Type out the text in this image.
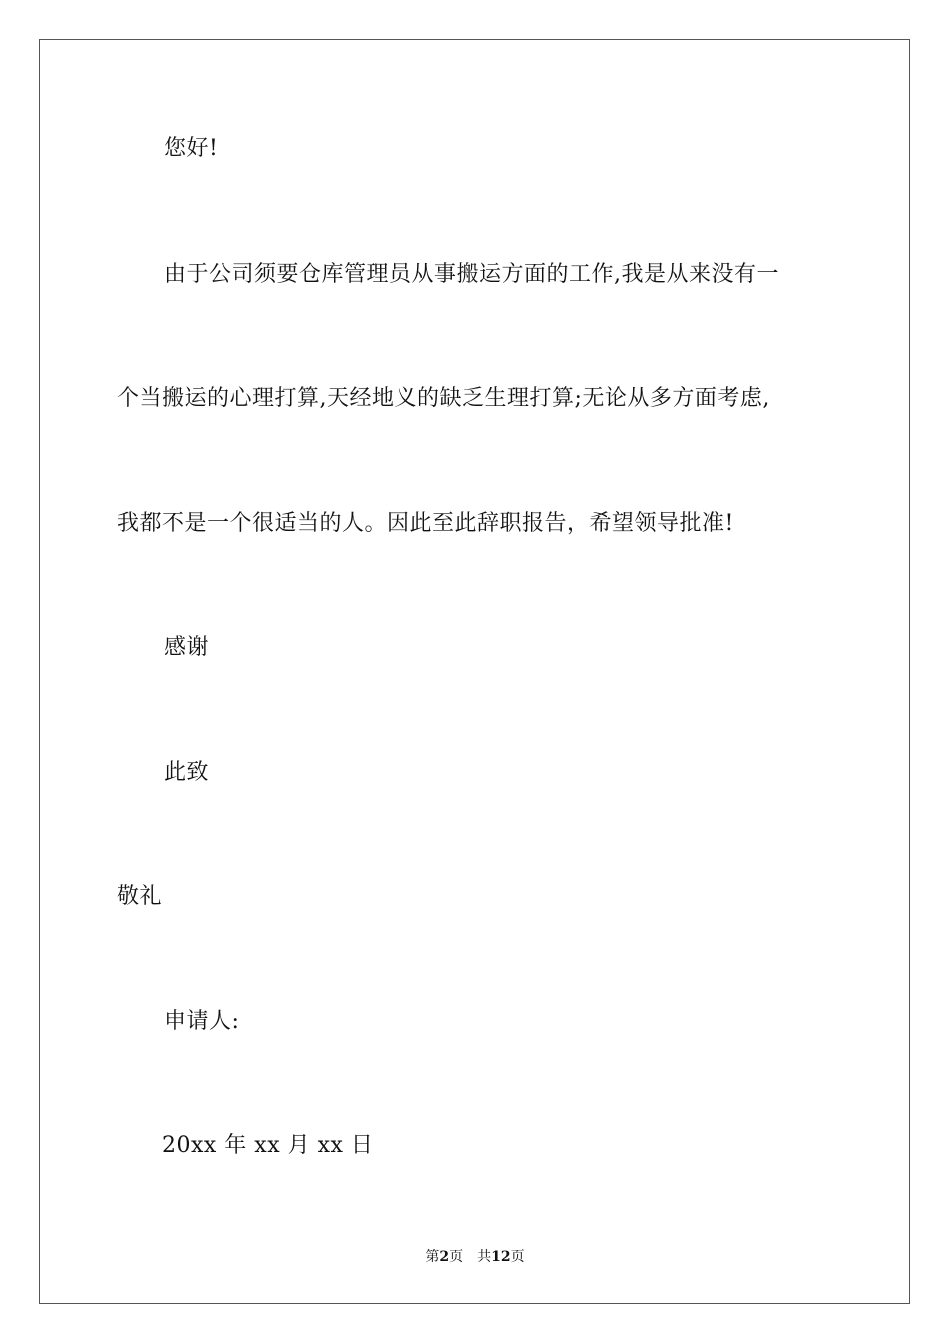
您好!
由于公司须要仓库管理员从事搬运方面的工作,我是从来没有一
个当搬运的心理打算,天经地义的缺乏生理打算;无论从多方面考虑,
我都不是一个很适当的人。因此至此辞职报告，希望领导批准!
感谢
此致
敬礼
申请人:
20xx 年 xx 月 xx 日
第2页 共12页
